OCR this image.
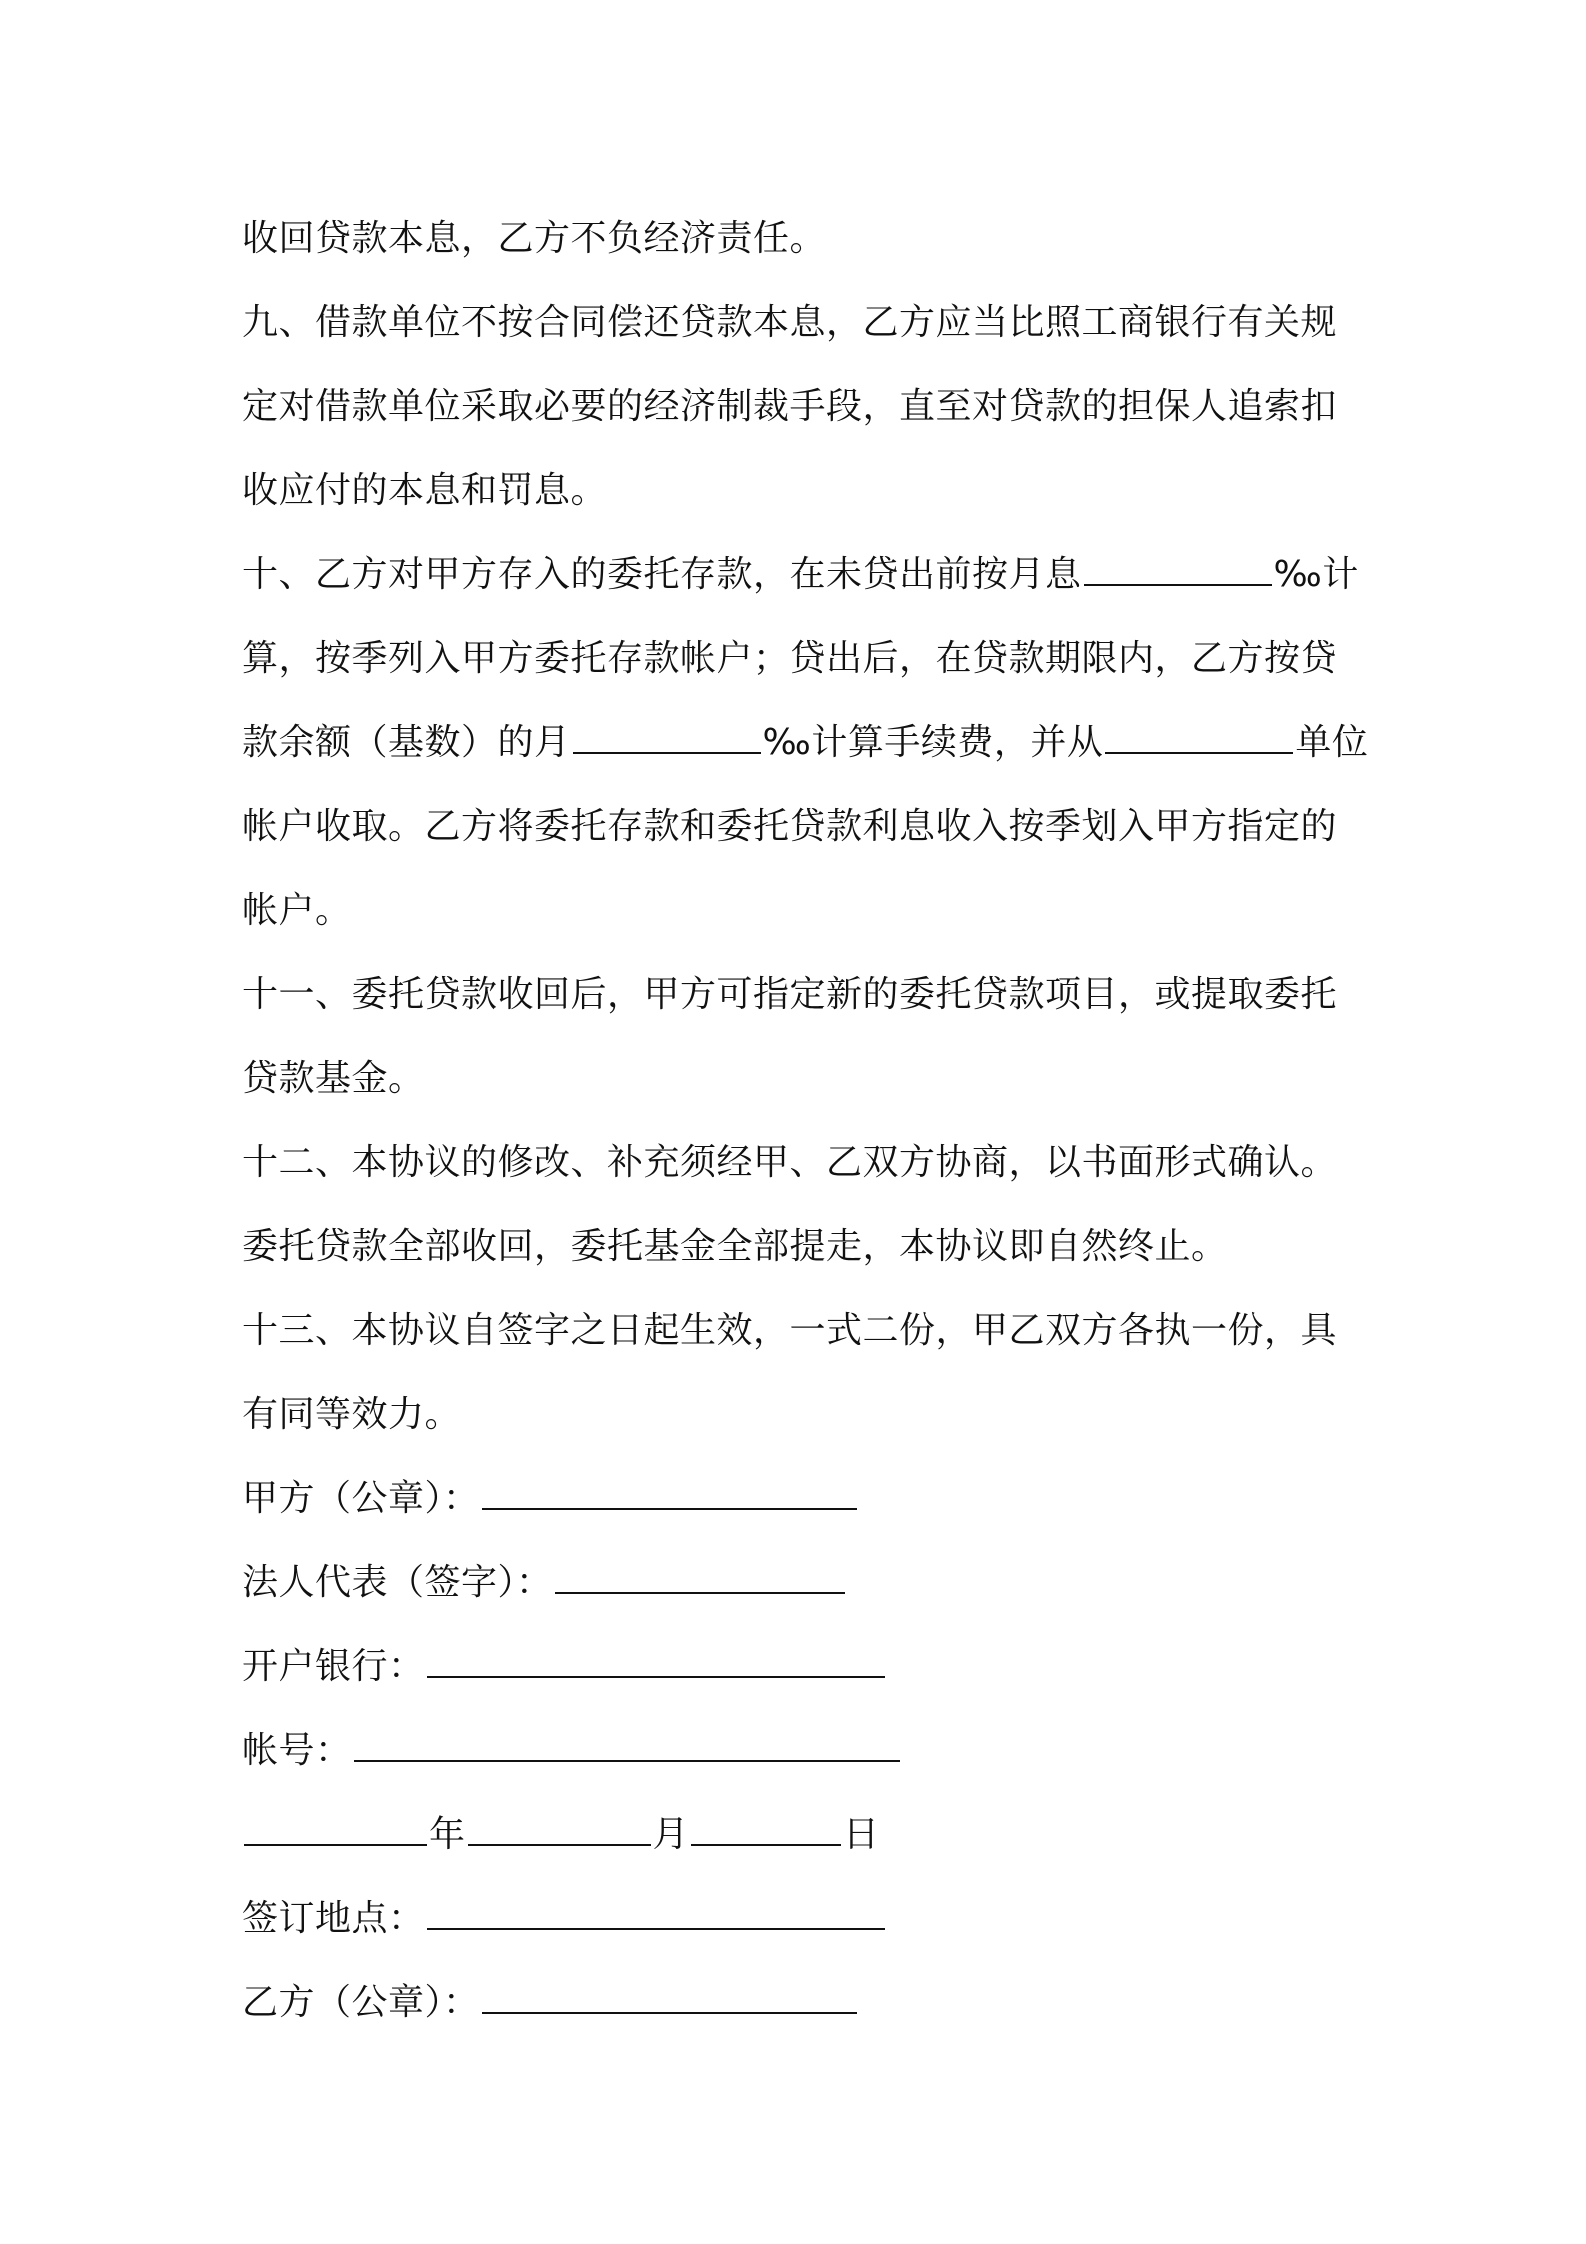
收回贷款本息，乙方不负经济责任。
九、借款单位不按合同偿还贷款本息，乙方应当比照工商银行有关规
定对借款单位采取必要的经济制裁手段，直至对贷款的担保人追索扣
收应付的本息和罚息。
十、乙方对甲方存入的委托存款，在未贷出前按月息	‰计
算，按季列入甲方委托存款帐户；贷出后，在贷款期限内，乙方按贷
款余额（基数）的月	‰计算手续费，并从	单位
帐户收取。乙方将委托存款和委托贷款利息收入按季划入甲方指定的
帐户。
十一、委托贷款收回后，甲方可指定新的委托贷款项目，或提取委托
贷款基金。
十二、本协议的修改、补充须经甲、乙双方协商，以书面形式确认。
委托贷款全部收回，委托基金全部提走，本协议即自然终止。
十三、本协议自签字之日起生效，一式二份，甲乙双方各执一份，具
有同等效力。
甲方（公章）：
法人代表（签字）：
开户银行：
帐号：
年	月	日
签订地点：
乙方（公章）：
